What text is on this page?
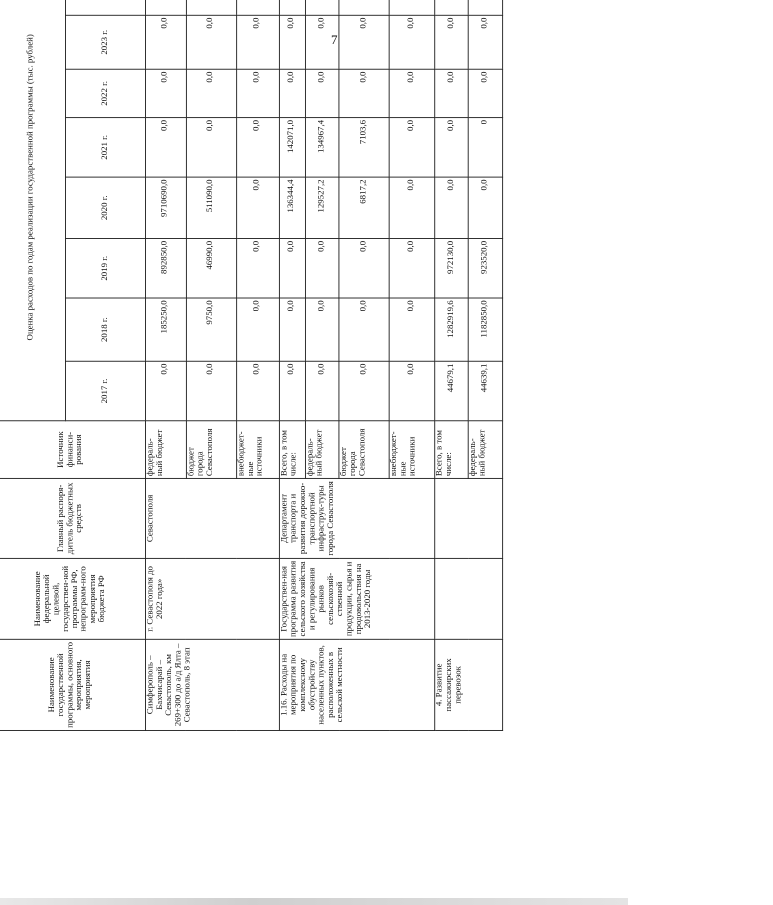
7
Наименование государственной программы, основного мероприятия, мероприятия	Наименование федеральной целевой, государствен-ной программы РФ, непрограмм-ного мероприятия бюджета РФ	Главный распоря-дитель бюджетных средств	Источник финанси-рования	Оценка расходов по годам реализации государственной программы (тыс. рублей)							
				2017 г.	2018 г.	2019 г.	2020 г.	2021 г.	2022 г.	2023 г.	
Симферополь – Бахчисарай – Севастополь, км 269+300 до а/д Ялта – Севастополь, 8 этап	г. Севастополя до 2022 года»	Севастополя	федераль-ный бюджет	0,0	185250,0	892850,0	9710690,0	0,0	0,0	0,0	
			бюджет города Севастополя	0,0	9750,0	46990,0	511090,0	0,0	0,0	0,0	
			внебюджет-ные источники	0,0	0,0	0,0	0,0	0,0	0,0	0,0	
1.16. Расходы на мероприятия по комплексному обустройству населенных пунктов, расположенных в сельской местности	Государствен-ная программа развития сельского хозяйства и регулирования рынков сельскохозяй-ственной продукции, сырья и продовольствия на 2013-2020 годы	Департамент транспорта и развития дорожно-транспортной инфраструк-туры города Севастополя	Всего, в том числе:	0,0	0,0	0,0	136344,4	142071,0	0,0	0,0	
			федераль-ный бюджет	0,0	0,0	0,0	129527,2	134967,4	0,0	0,0	
			бюджет города Севастополя	0,0	0,0	0,0	6817,2	7103,6	0,0	0,0	
			внебюджет-ные источники	0,0	0,0	0,0	0,0	0,0	0,0	0,0	
4. Развитие пассажирских перевозок			Всего, в том числе:	44679,1	1282919,6	972130,0	0,0	0,0	0,0	0,0	
			федераль-ный бюджет	44639,1	1182850,0	923520,0	0,0	0	0,0	0,0	
